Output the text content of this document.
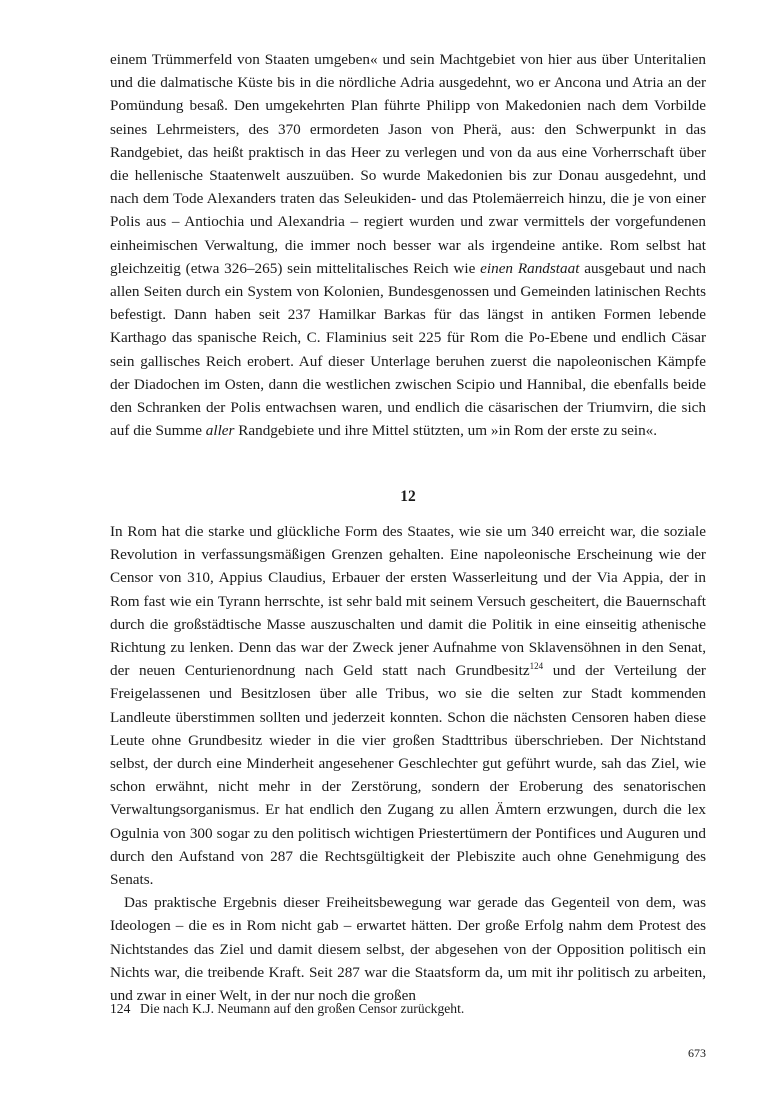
einem Trümmerfeld von Staaten umgeben« und sein Machtgebiet von hier aus über Unteritalien und die dalmatische Küste bis in die nördliche Adria ausgedehnt, wo er Ancona und Atria an der Pomündung besaß. Den umgekehrten Plan führte Philipp von Makedonien nach dem Vorbilde seines Lehrmeisters, des 370 ermordeten Jason von Pherä, aus: den Schwerpunkt in das Randgebiet, das heißt praktisch in das Heer zu verlegen und von da aus eine Vorherrschaft über die hellenische Staatenwelt auszuüben. So wurde Makedonien bis zur Donau ausgedehnt, und nach dem Tode Alexanders traten das Seleukiden- und das Ptolemäerreich hinzu, die je von einer Polis aus – Antiochia und Alexandria – regiert wurden und zwar vermittels der vorgefundenen einheimischen Verwaltung, die immer noch besser war als irgendeine antike. Rom selbst hat gleichzeitig (etwa 326–265) sein mittelitalisches Reich wie einen Randstaat ausgebaut und nach allen Seiten durch ein System von Kolonien, Bundesgenossen und Gemeinden latinischen Rechts befestigt. Dann haben seit 237 Hamilkar Barkas für das längst in antiken Formen lebende Karthago das spanische Reich, C. Flaminius seit 225 für Rom die Po-Ebene und endlich Cäsar sein gallisches Reich erobert. Auf dieser Unterlage beruhen zuerst die napoleonischen Kämpfe der Diadochen im Osten, dann die westlichen zwischen Scipio und Hannibal, die ebenfalls beide den Schranken der Polis entwachsen waren, und endlich die cäsarischen der Triumvirn, die sich auf die Summe aller Randgebiete und ihre Mittel stützten, um »in Rom der erste zu sein«.

12

In Rom hat die starke und glückliche Form des Staates, wie sie um 340 erreicht war, die soziale Revolution in verfassungsmäßigen Grenzen gehalten. Eine napoleonische Erscheinung wie der Censor von 310, Appius Claudius, Erbauer der ersten Wasserleitung und der Via Appia, der in Rom fast wie ein Tyrann herrschte, ist sehr bald mit seinem Versuch gescheitert, die Bauernschaft durch die großstädtische Masse auszuschalten und damit die Politik in eine einseitig athenische Richtung zu lenken. Denn das war der Zweck jener Aufnahme von Sklavensöhnen in den Senat, der neuen Centurienordnung nach Geld statt nach Grundbesitz$^{124}$ und der Verteilung der Freigelassenen und Besitzlosen über alle Tribus, wo sie die selten zur Stadt kommenden Landleute überstimmen sollten und jederzeit konnten. Schon die nächsten Censoren haben diese Leute ohne Grundbesitz wieder in die vier großen Stadttribus überschrieben. Der Nichtstand selbst, der durch eine Minderheit angesehener Geschlechter gut geführt wurde, sah das Ziel, wie schon erwähnt, nicht mehr in der Zerstörung, sondern der Eroberung des senatorischen Verwaltungsorganismus. Er hat endlich den Zugang zu allen Ämtern erzwungen, durch die lex Ogulnia von 300 sogar zu den politisch wichtigen Priestertümern der Pontifices und Auguren und durch den Aufstand von 287 die Rechtsgültigkeit der Plebiszite auch ohne Genehmigung des Senats.

Das praktische Ergebnis dieser Freiheitsbewegung war gerade das Gegenteil von dem, was Ideologen – die es in Rom nicht gab – erwartet hätten. Der große Erfolg nahm dem Protest des Nichtstandes das Ziel und damit diesem selbst, der abgesehen von der Opposition politisch ein Nichts war, die treibende Kraft. Seit 287 war die Staatsform da, um mit ihr politisch zu arbeiten, und zwar in einer Welt, in der nur noch die großen

124 Die nach K.J. Neumann auf den großen Censor zurückgeht.
673
